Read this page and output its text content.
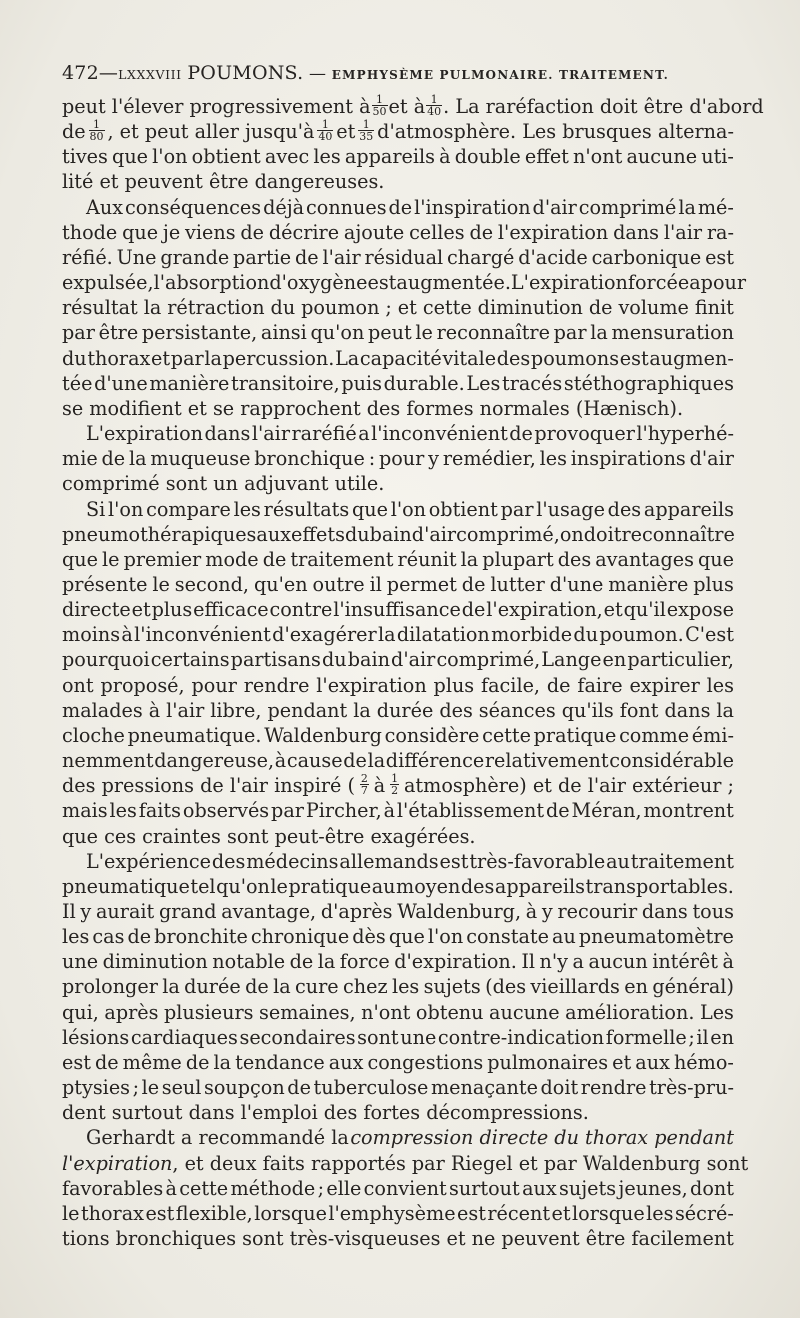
472—LXXXVIII POUMONS. — EMPHYSÈME PULMONAIRE. TRAITEMENT.
peut l'élever progressivement à $\frac{1}{50}$ et à $\frac{1}{40}$ . La raréfaction doit être d'abord
de $\frac{1}{80}$ , et peut aller jusqu'à $\frac{1}{40}$ et $\frac{1}{35}$ d'atmosphère. Les brusques alterna-
tives que l'on obtient avec les appareils à double effet n'ont aucune uti-
lité et peuvent être dangereuses.
Aux conséquences déjà connues de l'inspiration d'air comprimé la mé-
thode que je viens de décrire ajoute celles de l'expiration dans l'air ra-
réfié. Une grande partie de l'air résidual chargé d'acide carbonique est
expulsée, l'absorption d'oxygène est augmentée. L'expiration forcée a pour
résultat la rétraction du poumon ; et cette diminution de volume finit
par être persistante, ainsi qu'on peut le reconnaître par la mensuration
du thorax et par la percussion. La capacité vitale des poumons est augmen-
tée d'une manière transitoire, puis durable. Les tracés stéthographiques
se modifient et se rapprochent des formes normales (Hænisch).
L'expiration dans l'air raréfié a l'inconvénient de provoquer l'hyperhé-
mie de la muqueuse bronchique : pour y remédier, les inspirations d'air
comprimé sont un adjuvant utile.
Si l'on compare les résultats que l'on obtient par l'usage des appareils
pneumothérapiques aux effets du bain d'air comprimé, on doit reconnaître
que le premier mode de traitement réunit la plupart des avantages que
présente le second, qu'en outre il permet de lutter d'une manière plus
directe et plus efficace contre l'insuffisance de l'expiration, et qu'il expose
moins à l'inconvénient d'exagérer la dilatation morbide du poumon. C'est
pourquoi certains partisans du bain d'air comprimé, Lange en particulier,
ont proposé, pour rendre l'expiration plus facile, de faire expirer les
malades à l'air libre, pendant la durée des séances qu'ils font dans la
cloche pneumatique. Waldenburg considère cette pratique comme émi-
nemment dangereuse, à cause de la différence relativement considérable
des pressions de l'air inspiré ( $\frac{2}{7}$ à $\frac{1}{2}$ atmosphère) et de l'air extérieur ;
mais les faits observés par Pircher, à l'établissement de Méran, montrent
que ces craintes sont peut-être exagérées.
L'expérience des médecins allemands est très-favorable au traitement
pneumatique tel qu'on le pratique au moyen des appareils transportables.
Il y aurait grand avantage, d'après Waldenburg, à y recourir dans tous
les cas de bronchite chronique dès que l'on constate au pneumatomètre
une diminution notable de la force d'expiration. Il n'y a aucun intérêt à
prolonger la durée de la cure chez les sujets (des vieillards en général)
qui, après plusieurs semaines, n'ont obtenu aucune amélioration. Les
lésions cardiaques secondaires sont une contre-indication formelle ; il en
est de même de la tendance aux congestions pulmonaires et aux hémo-
ptysies ; le seul soupçon de tuberculose menaçante doit rendre très-pru-
dent surtout dans l'emploi des fortes décompressions.
Gerhardt a recommandé la compression directe du thorax pendant
l'expiration, et deux faits rapportés par Riegel et par Waldenburg sont
favorables à cette méthode ; elle convient surtout aux sujets jeunes, dont
le thorax est flexible, lorsque l'emphysème est récent et lorsque les sécré-
tions bronchiques sont très-visqueuses et ne peuvent être facilement
